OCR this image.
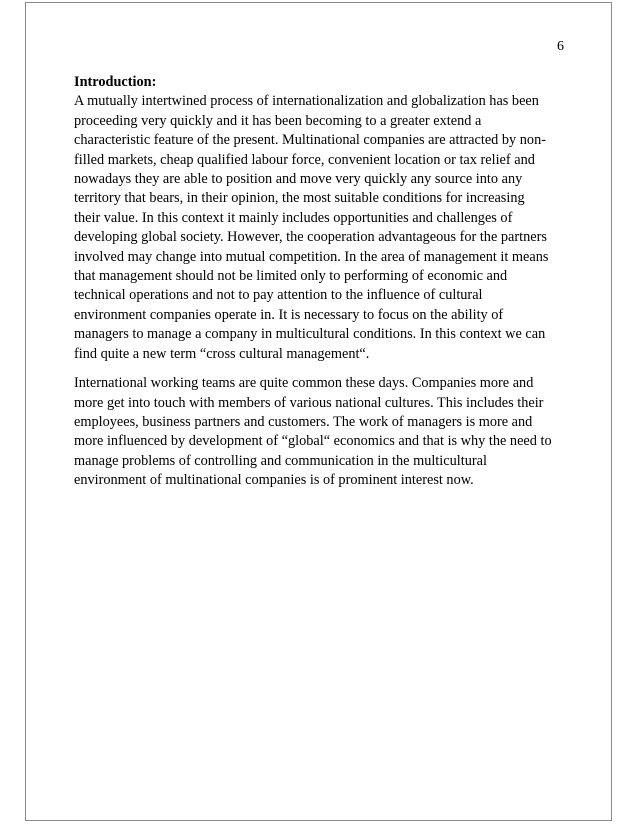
6

Introduction:

A mutually intertwined process of internationalization and globalization has been
proceeding very quickly and it has been becoming to a greater extend a
characteristic feature of the present. Multinational companies are attracted by non-
filled markets, cheap qualified labour force, convenient location or tax relief and
nowadays they are able to position and move very quickly any source into any
territory that bears, in their opinion, the most suitable conditions for increasing
their value. In this context it mainly includes opportunities and challenges of
developing global society. However, the cooperation advantageous for the partners
involved may change into mutual competition. In the area of management it means
that management should not be limited only to performing of economic and
technical operations and not to pay attention to the influence of cultural
environment companies operate in. It is necessary to focus on the ability of
managers to manage a company in multicultural conditions. In this context we can
find quite a new term “cross cultural management“.

International working teams are quite common these days. Companies more and
more get into touch with members of various national cultures. This includes their
employees, business partners and customers. The work of managers is more and
more influenced by development of “global“ economics and that is why the need to
manage problems of controlling and communication in the multicultural
environment of multinational companies is of prominent interest now.
